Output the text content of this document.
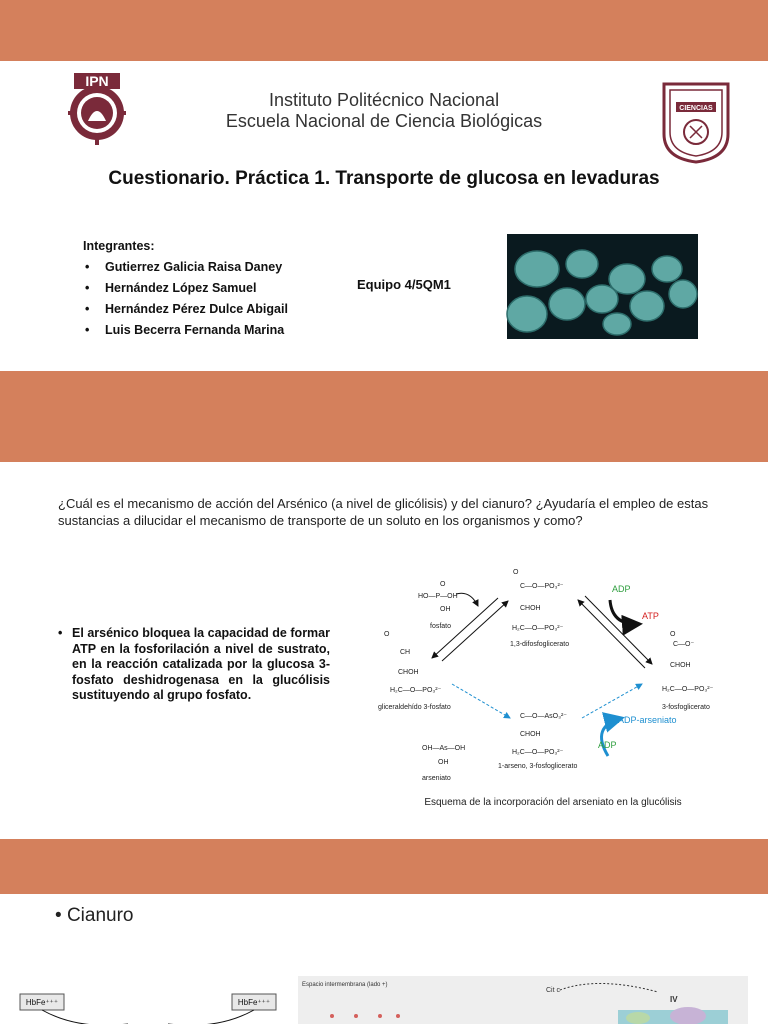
IPN
CIENCIAS
Instituto Politécnico Nacional
Escuela Nacional de Ciencia Biológicas
Cuestionario. Práctica 1. Transporte de glucosa en levaduras
Integrantes:
• Gutierrez Galicia Raisa Daney
• Hernández López Samuel
• Hernández Pérez Dulce Abigail
• Luis Becerra Fernanda Marina
Equipo 4/5QM1
¿Cuál es el mecanismo de acción del Arsénico (a nivel de glicólisis) y del cianuro? ¿Ayudaría el empleo de estas sustancias a dilucidar el mecanismo de transporte de un soluto en los organismos y como?
• El arsénico bloquea la capacidad de formar ATP en la fosforilación a nivel de sustrato, en la reacción catalizada por la glucosa 3-fosfato deshidrogenasa en la glucólisis sustituyendo al grupo fosfato.
HO—P—OH
O
OH
fosfato
O
C—O—PO₃²⁻
CHOH
H₂C—O—PO₃²⁻
1,3-difosfoglicerato
O
C—O⁻
CHOH
H₂C—O—PO₃²⁻
3-fosfoglicerato
O
CH
CHOH
H₂C—O—PO₃²⁻
gliceraldehído 3-fosfato
OH—As—OH
OH
arseniato
C—O—AsO₃²⁻
CHOH
H₂C—O—PO₃²⁻
1-arseno, 3-fosfoglicerato
ADP
ATP
ADP-arseniato
ADP
Esquema de la incorporación del arseniato en la glucólisis
• Cianuro
HbFe⁺⁺⁺	HbFe⁺⁺⁺
Espacio intermembrana (lado +)
Cit c
IV
